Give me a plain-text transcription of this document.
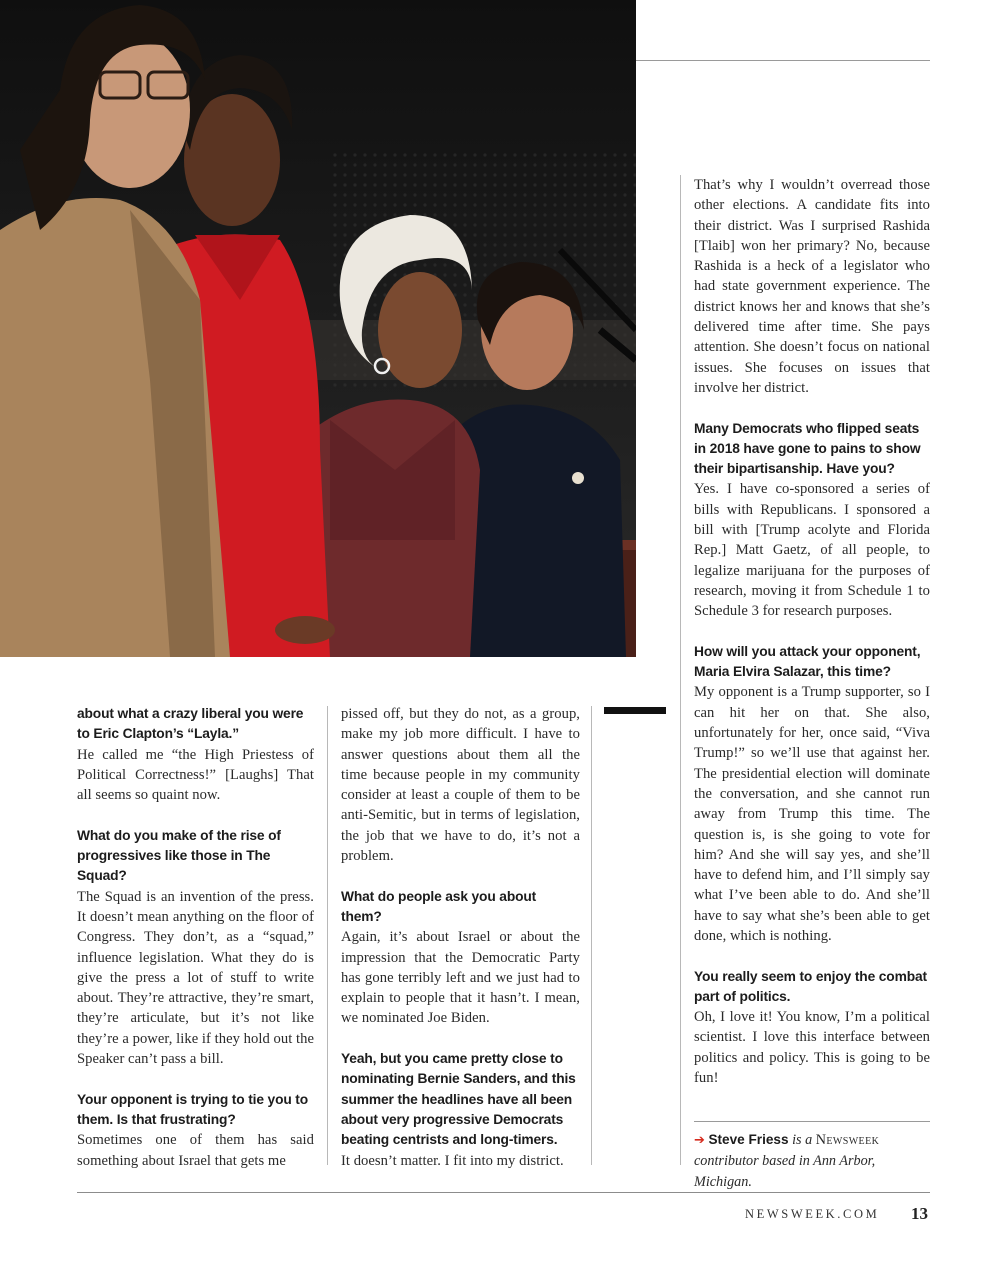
about what a crazy liberal you were to Eric Clapton’s “Layla.”
He called me “the High Priestess of Political Correctness!” [Laughs] That all seems so quaint now.

What do you make of the rise of progressives like those in The Squad?
The Squad is an invention of the press. It doesn’t mean anything on the floor of Congress. They don’t, as a “squad,” influence legislation. What they do is give the press a lot of stuff to write about. They’re attractive, they’re smart, they’re articulate, but it’s not like they’re a power, like if they hold out the Speaker can’t pass a bill.

Your opponent is trying to tie you to them. Is that frustrating?
Sometimes one of them has said something about Israel that gets me

pissed off, but they do not, as a group, make my job more difficult. I have to answer questions about them all the time because people in my community consider at least a couple of them to be anti-Semitic, but in terms of legislation, the job that we have to do, it’s not a problem.

What do people ask you about them?
Again, it’s about Israel or about the impression that the Democratic Party has gone terribly left and we just had to explain to people that it hasn’t. I mean, we nominated Joe Biden.

Yeah, but you came pretty close to nominating Bernie Sanders, and this summer the headlines have all been about very progressive Democrats beating centrists and long-timers.
It doesn’t matter. I fit into my district.

That’s why I wouldn’t overread those other elections. A candidate fits into their district. Was I surprised Rashida [Tlaib] won her primary? No, because Rashida is a heck of a legislator who had state government experience. The district knows her and knows that she’s delivered time after time. She pays attention. She doesn’t focus on national issues. She focuses on issues that involve her district.

Many Democrats who flipped seats in 2018 have gone to pains to show their bipartisanship. Have you?
Yes. I have co-sponsored a series of bills with Republicans. I sponsored a bill with [Trump acolyte and Florida Rep.] Matt Gaetz, of all people, to legalize marijuana for the purposes of research, moving it from Schedule 1 to Schedule 3 for research purposes.

How will you attack your opponent, Maria Elvira Salazar, this time?
My opponent is a Trump supporter, so I can hit her on that. She also, unfortunately for her, once said, “Viva Trump!” so we’ll use that against her. The presidential election will dominate the conversation, and she cannot run away from Trump this time. The question is, is she going to vote for him? And she will say yes, and she’ll have to defend him, and I’ll simply say what I’ve been able to do. And she’ll have to say what she’s been able to get done, which is nothing.

You really seem to enjoy the combat part of politics.
Oh, I love it! You know, I’m a political scientist. I love this interface between politics and policy. This is going to be fun!

➔ Steve Friess is a Newsweek contributor based in Ann Arbor, Michigan.
NEWSWEEK.COM 13
